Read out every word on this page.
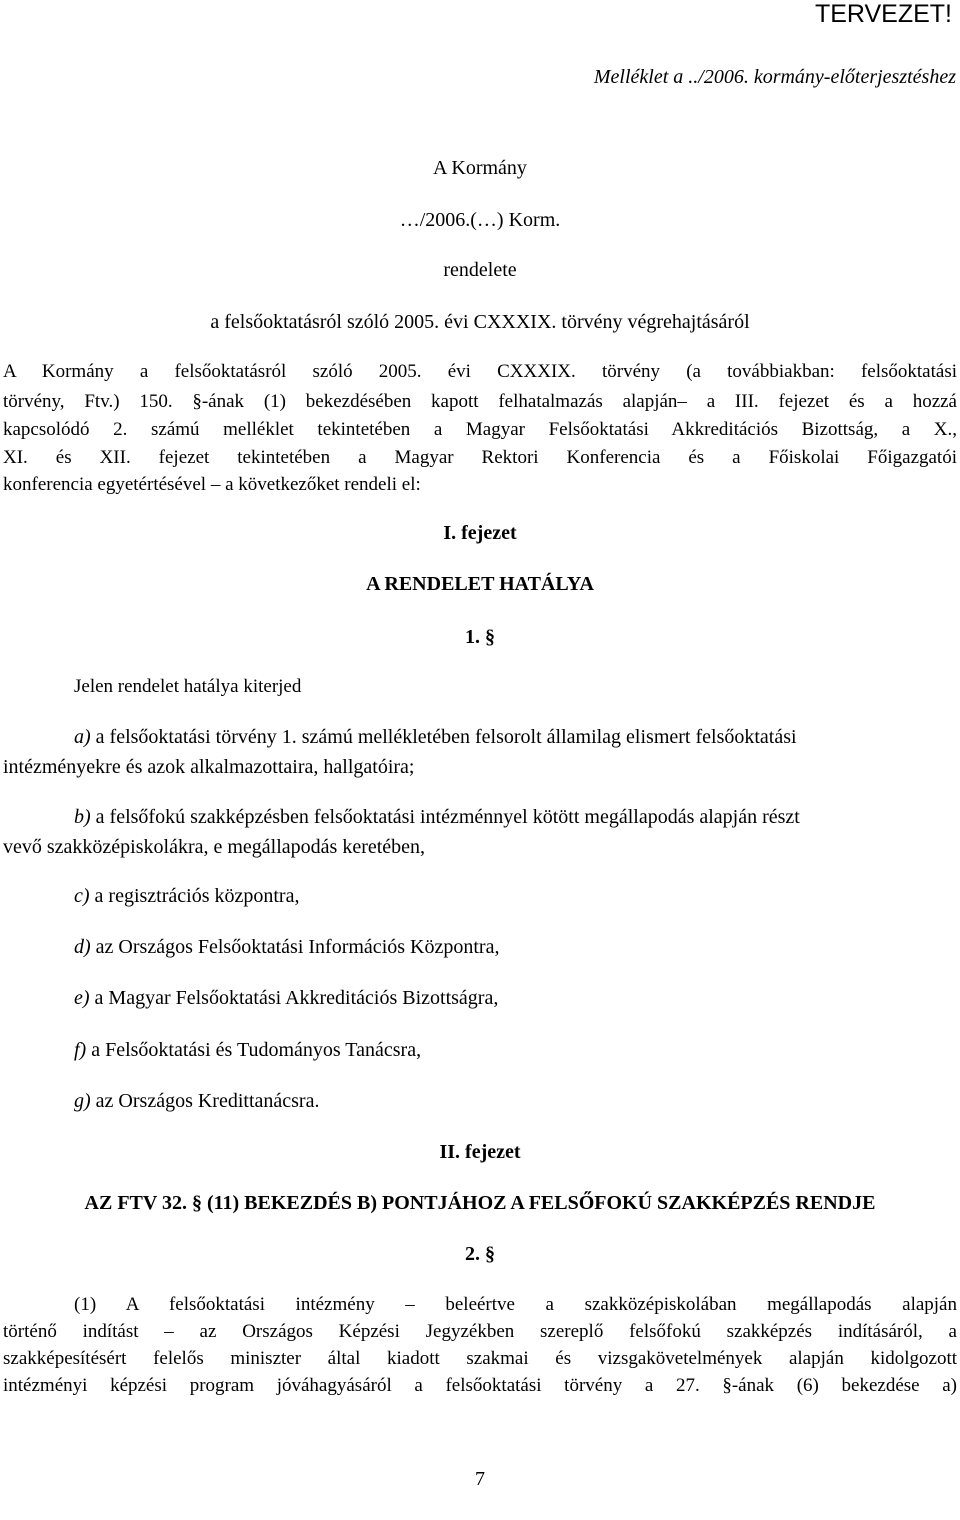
TERVEZET!
Melléklet a ../2006. kormány-előterjesztéshez
A Kormány
…/2006.(…) Korm.
rendelete
a felsőoktatásról szóló 2005. évi CXXXIX. törvény végrehajtásáról
A Kormány a felsőoktatásról szóló 2005. évi CXXXIX. törvény (a továbbiakban: felsőoktatási
törvény, Ftv.) 150. §-ának (1) bekezdésében kapott felhatalmazás alapján– a III. fejezet és a hozzá
kapcsolódó 2. számú melléklet tekintetében a Magyar Felsőoktatási Akkreditációs Bizottság, a X.,
XI. és XII. fejezet tekintetében a Magyar Rektori Konferencia és a Főiskolai Főigazgatói
konferencia egyetértésével – a következőket rendeli el:
I. fejezet
A RENDELET HATÁLYA
1. §
Jelen rendelet hatálya kiterjed
a) a felsőoktatási törvény 1. számú mellékletében felsorolt államilag elismert felsőoktatási
intézményekre és azok alkalmazottaira, hallgatóira;
b) a felsőfokú szakképzésben felsőoktatási intézménnyel kötött megállapodás alapján részt
vevő szakközépiskolákra, e megállapodás keretében,
c) a regisztrációs központra,
d) az Országos Felsőoktatási Információs Központra,
e) a Magyar Felsőoktatási Akkreditációs Bizottságra,
f) a Felsőoktatási és Tudományos Tanácsra,
g) az Országos Kredittanácsra.
II. fejezet
AZ FTV 32. § (11) BEKEZDÉS B) PONTJÁHOZ A FELSŐFOKÚ SZAKKÉPZÉS RENDJE
2. §
(1) A felsőoktatási intézmény – beleértve a szakközépiskolában megállapodás alapján
történő indítást – az Országos Képzési Jegyzékben szereplő felsőfokú szakképzés indításáról, a
szakképesítésért felelős miniszter által kiadott szakmai és vizsgakövetelmények alapján kidolgozott
intézményi képzési program jóváhagyásáról a felsőoktatási törvény a 27. §-ának (6) bekezdése a)
7
